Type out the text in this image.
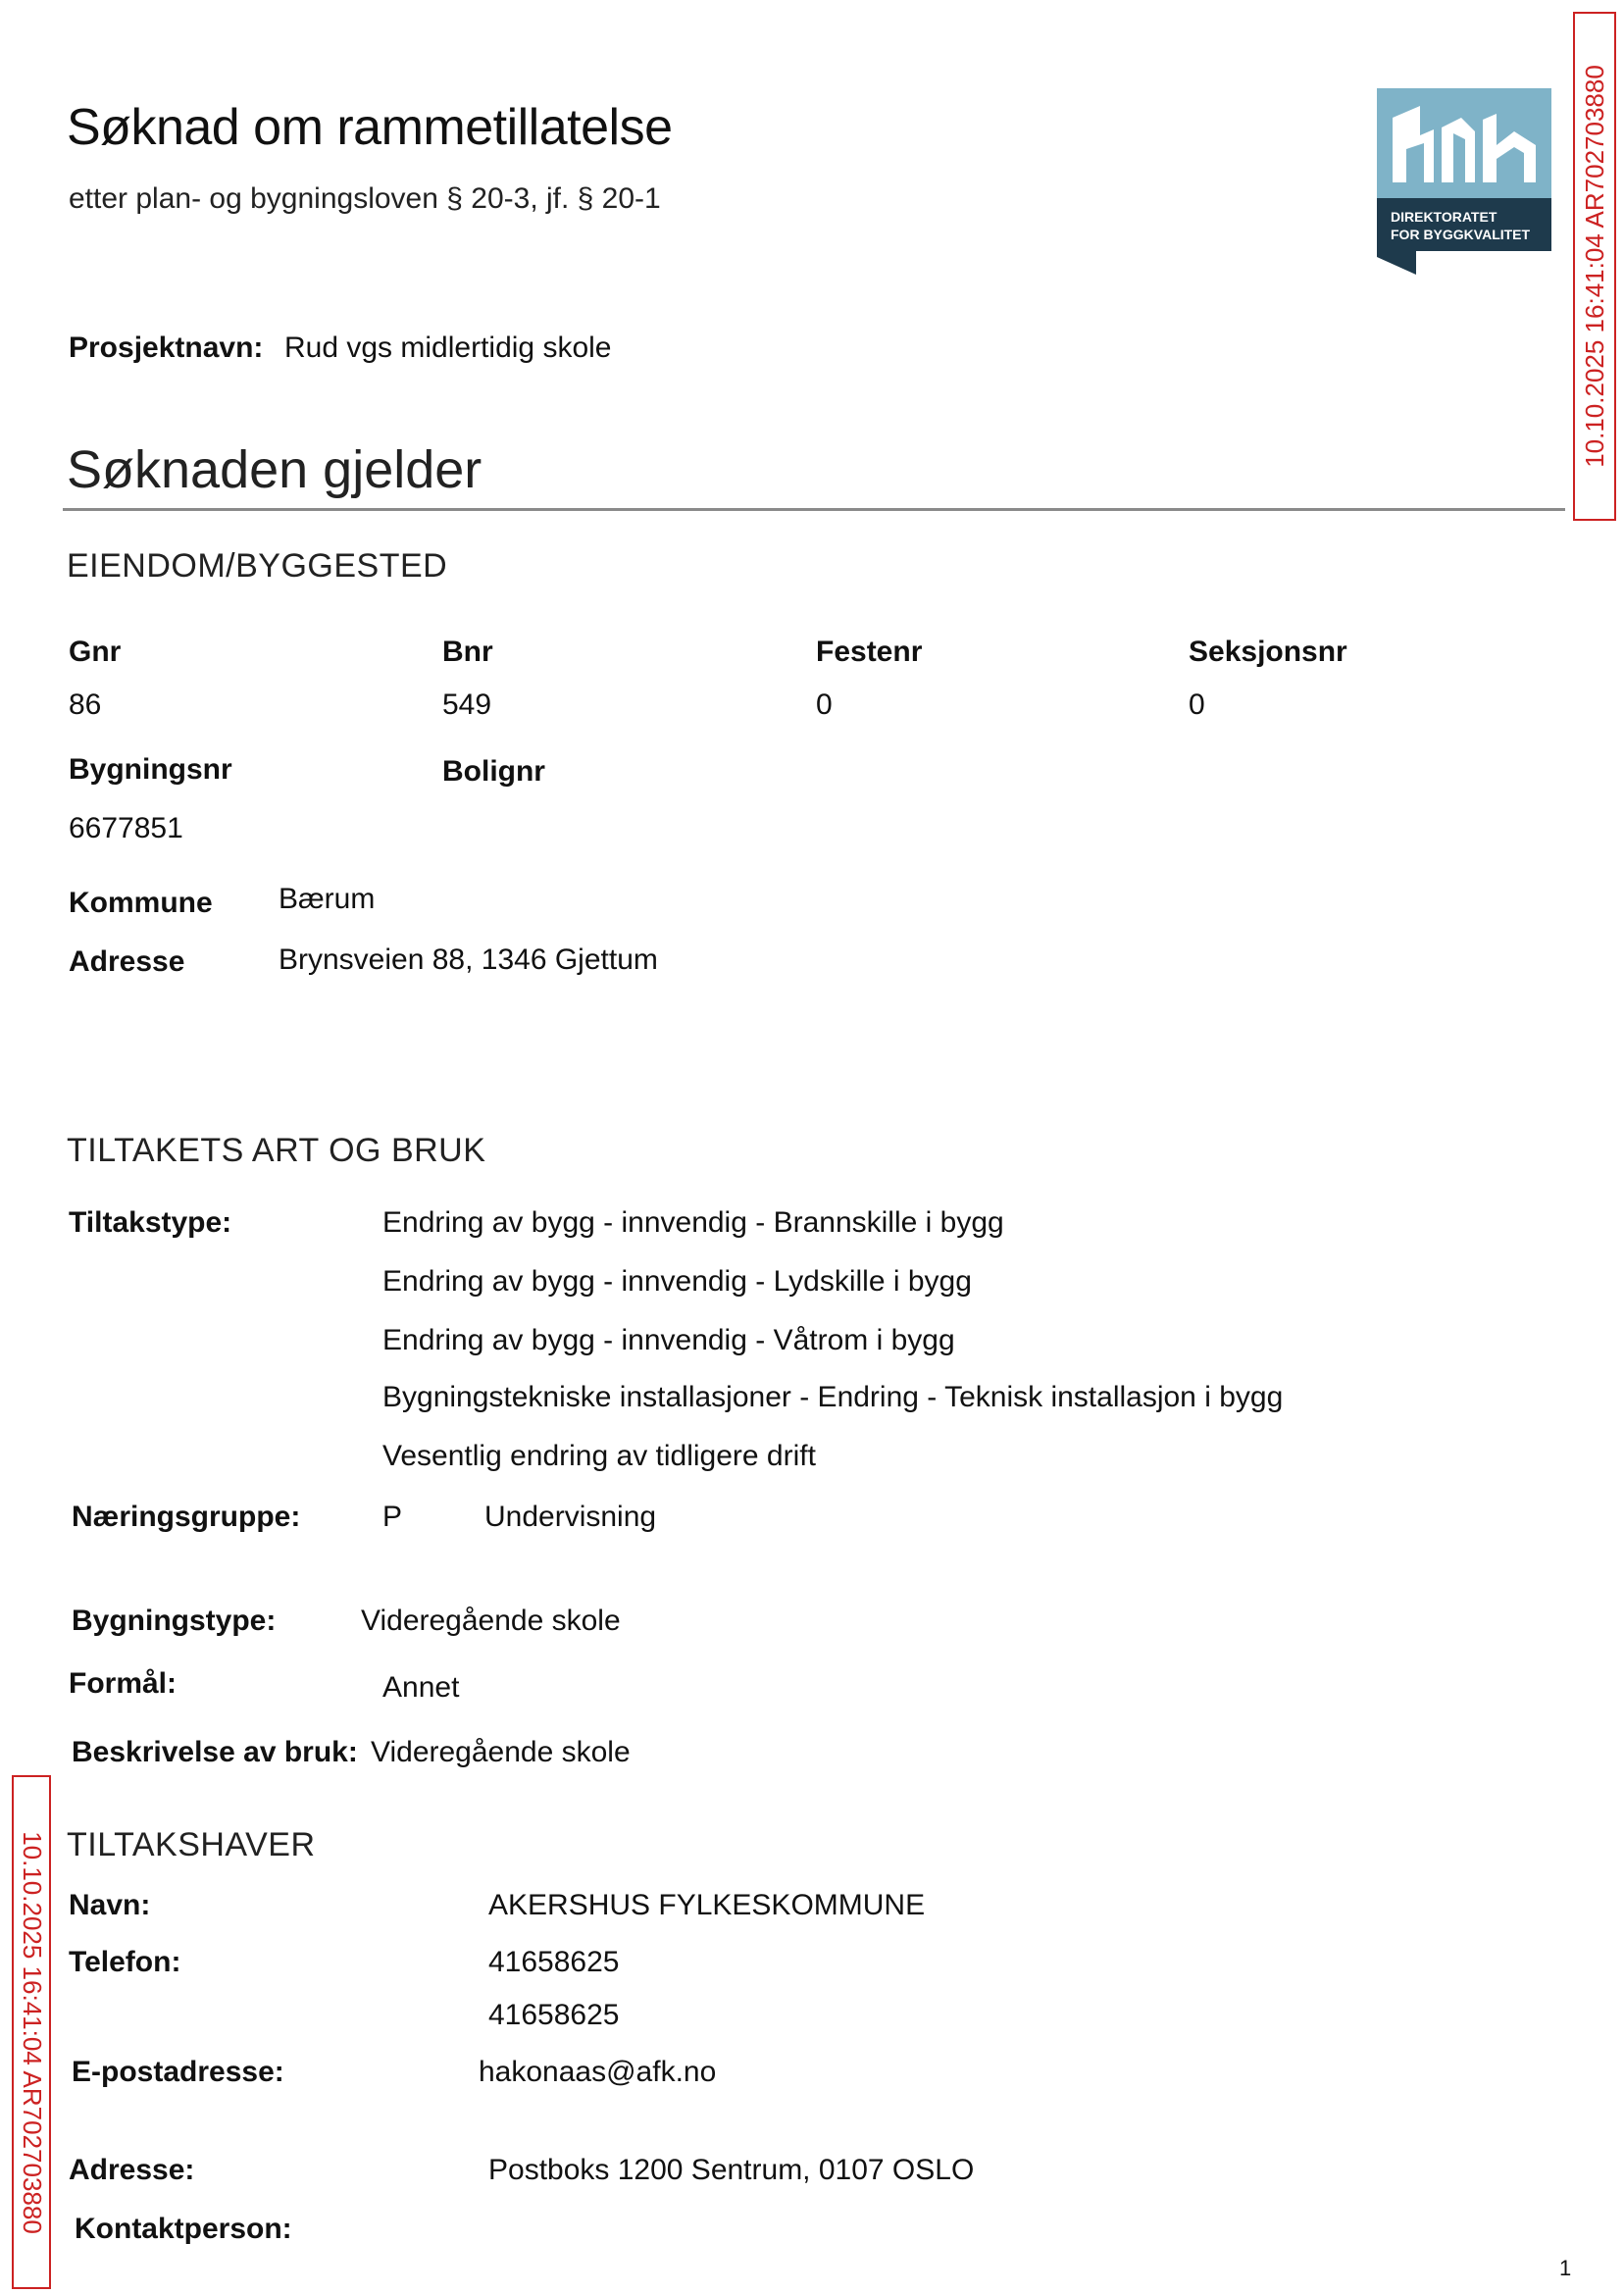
Søknad om rammetillatelse
etter plan- og bygningsloven § 20-3, jf. § 20-1
DIREKTORATET
FOR BYGGKVALITET 10.10.2025 16:41:04 AR702703880
Prosjektnavn: Rud vgs midlertidig skole
Søknaden gjelder
EIENDOM/BYGGESTED
Gnr	Bnr	Festenr	Seksjonsnr
86	549	0	0
Bygningsnr	Bolignr
6677851
Kommune Bærum
Adresse	Brynsveien 88, 1346 Gjettum
TILTAKETS ART OG BRUK
Tiltakstype:	Endring av bygg - innvendig - Brannskille i bygg
Endring av bygg - innvendig - Lydskille i bygg
Endring av bygg - innvendig - Våtrom i bygg
Bygningstekniske installasjoner - Endring - Teknisk installasjon i bygg
Vesentlig endring av tidligere drift
Næringsgruppe:	P	Undervisning
Bygningstype:	Videregående skole
Formål:	Annet
Beskrivelse av bruk: Videregående skole
10.10.2025 16:41:04 AR702703880 TILTAKSHAVER
Navn:	AKERSHUS FYLKESKOMMUNE
Telefon:	41658625
41658625
E-postadresse:	hakonaas@afk.no
Adresse:	Postboks 1200 Sentrum, 0107 OSLO
Kontaktperson:
1
